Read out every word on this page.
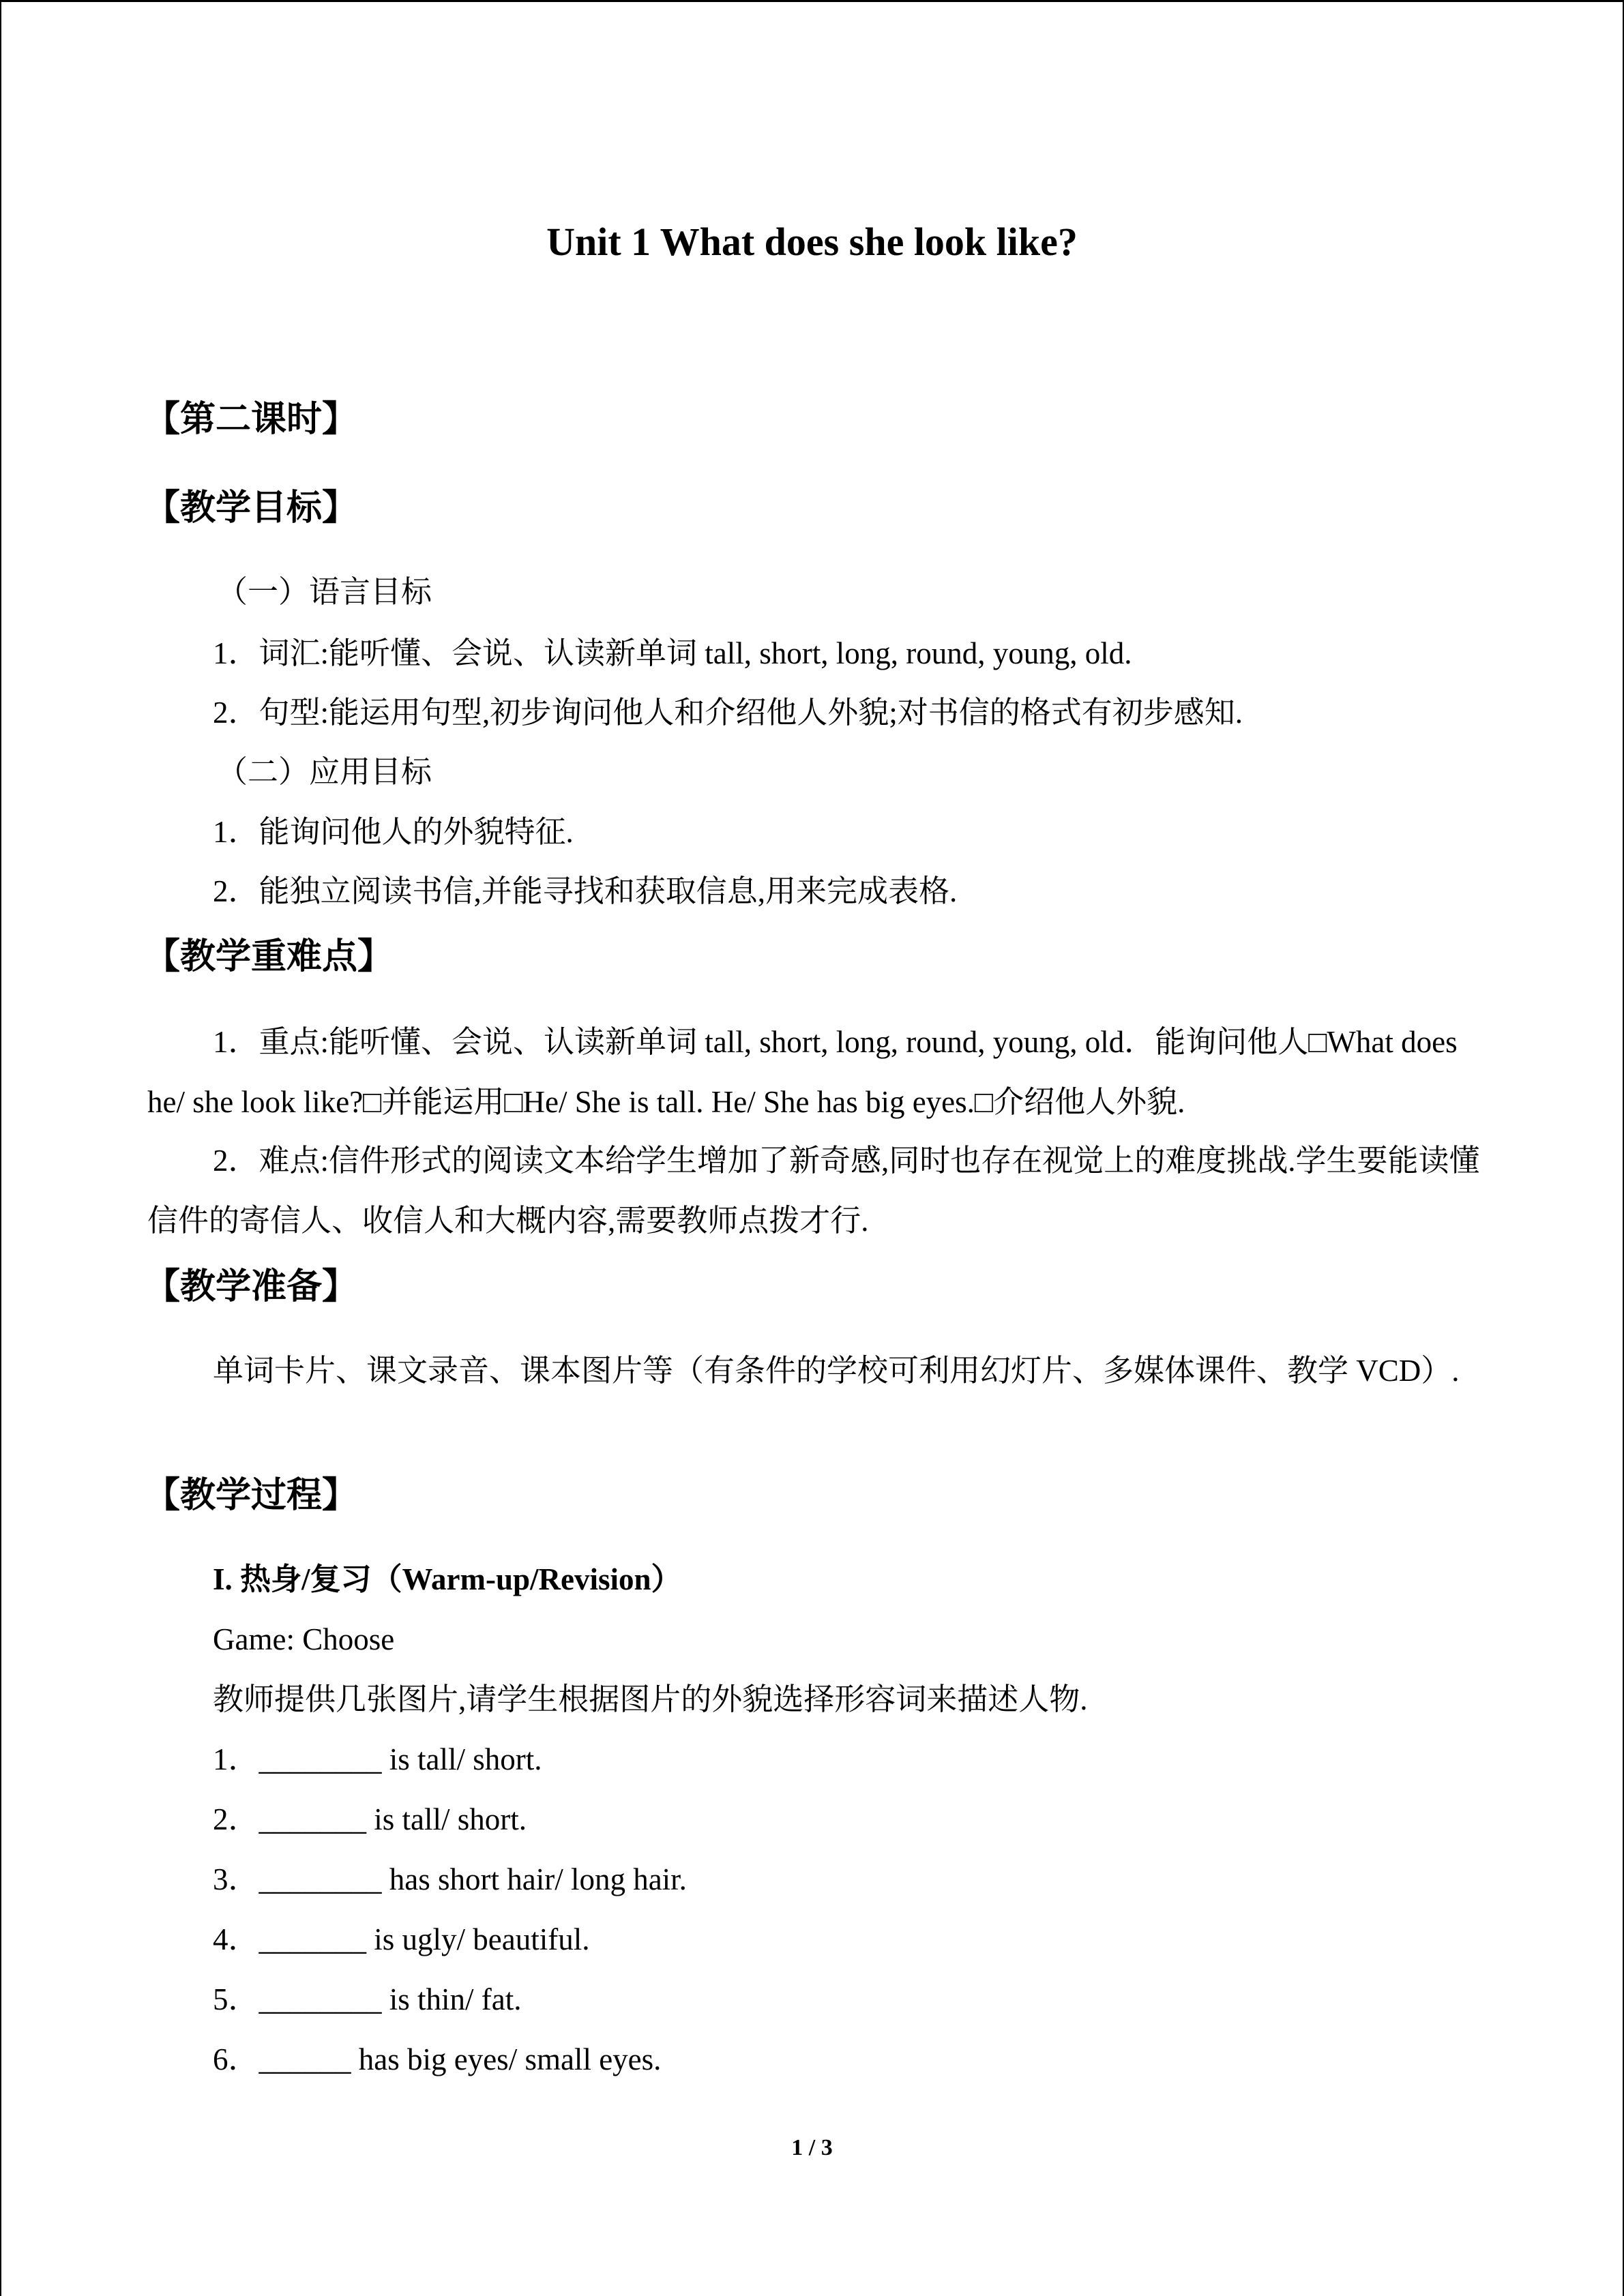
Unit 1 What does she look like?
【第二课时】
【教学目标】
（一）语言目标
1．词汇:能听懂、会说、认读新单词 tall, short, long, round, young, old.
2．句型:能运用句型,初步询问他人和介绍他人外貌;对书信的格式有初步感知.
（二）应用目标
1．能询问他人的外貌特征.
2．能独立阅读书信,并能寻找和获取信息,用来完成表格.
【教学重难点】
1．重点:能听懂、会说、认读新单词 tall, short, long, round, young, old．能询问他人□What does he/ she look like?□并能运用□He/ She is tall. He/ She has big eyes.□介绍他人外貌.
2．难点:信件形式的阅读文本给学生增加了新奇感,同时也存在视觉上的难度挑战.学生要能读懂信件的寄信人、收信人和大概内容,需要教师点拨才行.
【教学准备】
单词卡片、课文录音、课本图片等（有条件的学校可利用幻灯片、多媒体课件、教学 VCD）.
【教学过程】
I. 热身/复习（Warm-up/Revision）
Game: Choose
教师提供几张图片,请学生根据图片的外貌选择形容词来描述人物.
1．________ is tall/ short.
2．_______ is tall/ short.
3．________ has short hair/ long hair.
4．_______ is ugly/ beautiful.
5．________ is thin/ fat.
6．______ has big eyes/ small eyes.
1 / 3
